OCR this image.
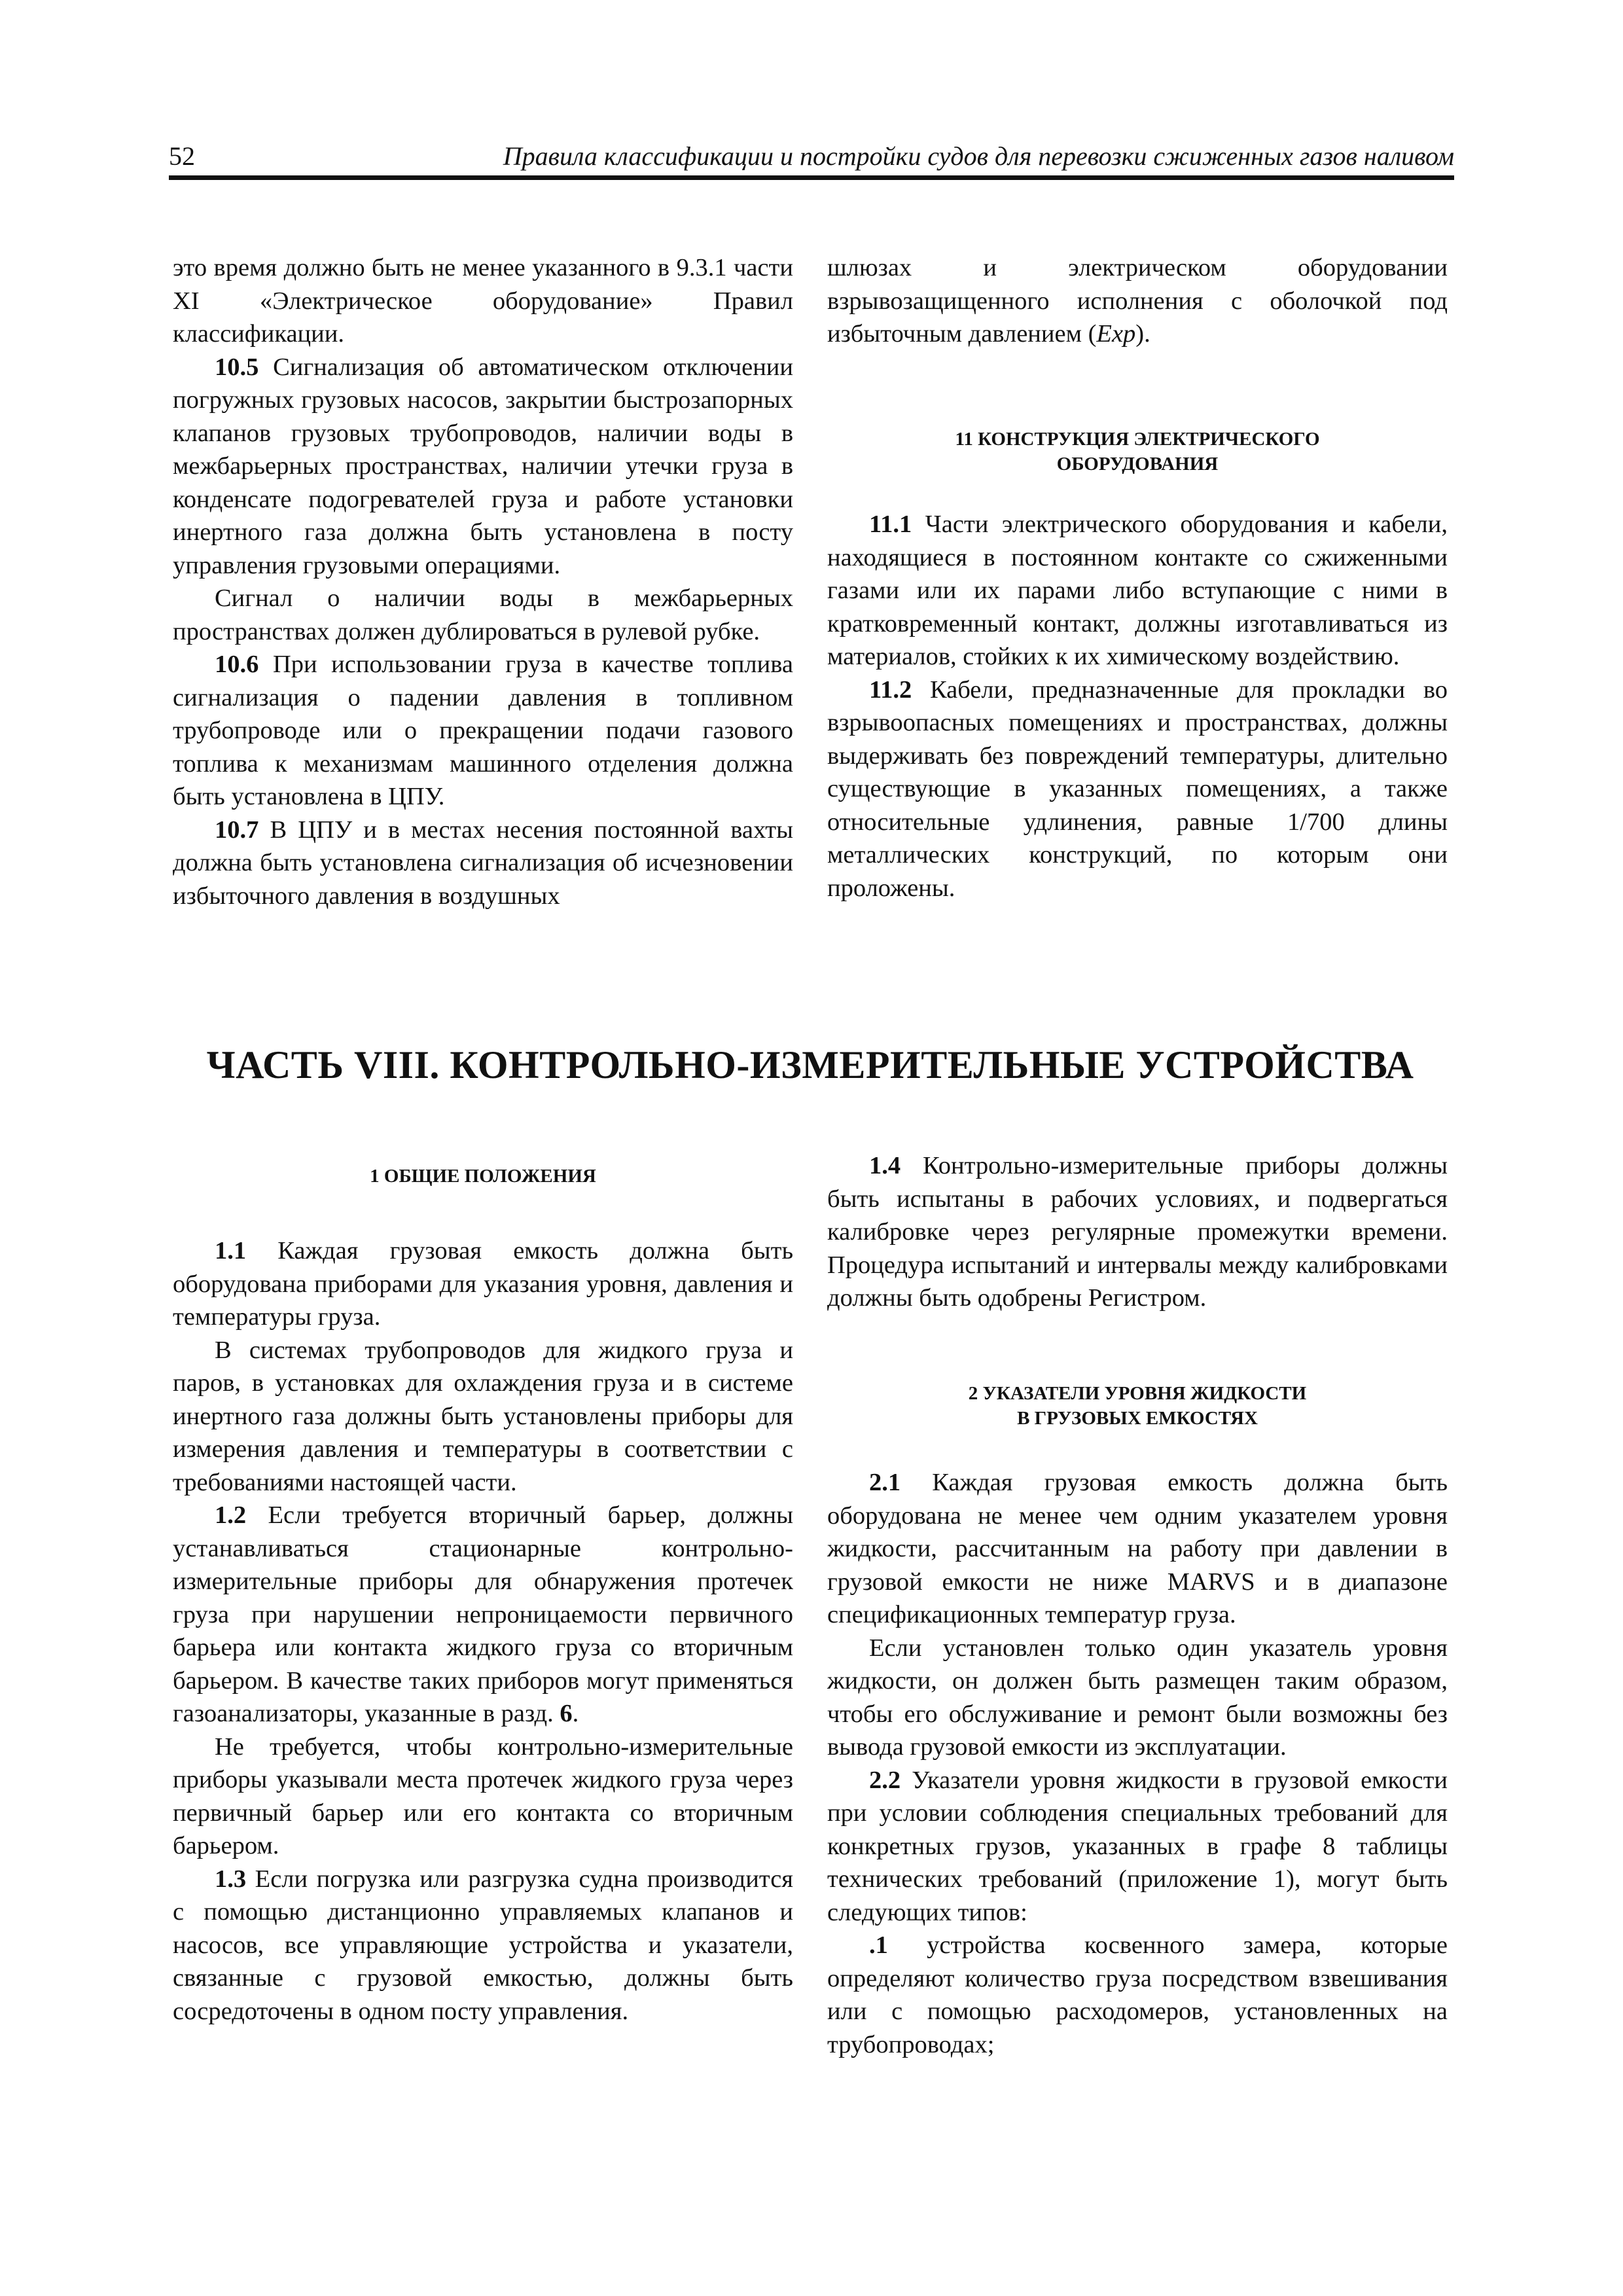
52	Правила классификации и постройки судов для перевозки сжиженных газов наливом

это время должно быть не менее указанного в 9.3.1 части XI «Электрическое оборудование» Правил классификации.

10.5 Сигнализация об автоматическом отключении погружных грузовых насосов, закрытии быстрозапорных клапанов грузовых трубопроводов, наличии воды в межбарьерных пространствах, наличии утечки груза в конденсате подогревателей груза и работе установки инертного газа должна быть установлена в посту управления грузовыми операциями.

Сигнал о наличии воды в межбарьерных пространствах должен дублироваться в рулевой рубке.

10.6 При использовании груза в качестве топлива сигнализация о падении давления в топливном трубопроводе или о прекращении подачи газового топлива к механизмам машинного отделения должна быть установлена в ЦПУ.

10.7 В ЦПУ и в местах несения постоянной вахты должна быть установлена сигнализация об исчезновении избыточного давления в воздушных

шлюзах и электрическом оборудовании взрывозащищенного исполнения с оболочкой под избыточным давлением (Exp).

11 КОНСТРУКЦИЯ ЭЛЕКТРИЧЕСКОГО
ОБОРУДОВАНИЯ

11.1 Части электрического оборудования и кабели, находящиеся в постоянном контакте со сжиженными газами или их парами либо вступающие с ними в кратковременный контакт, должны изготавливаться из материалов, стойких к их химическому воздействию.

11.2 Кабели, предназначенные для прокладки во взрывоопасных помещениях и пространствах, должны выдерживать без повреждений температуры, длительно существующие в указанных помещениях, а также относительные удлинения, равные 1/700 длины металлических конструкций, по которым они проложены.

ЧАСТЬ VIII. КОНТРОЛЬНО-ИЗМЕРИТЕЛЬНЫЕ УСТРОЙСТВА
1 ОБЩИЕ ПОЛОЖЕНИЯ

1.1 Каждая грузовая емкость должна быть оборудована приборами для указания уровня, давления и температуры груза.

В системах трубопроводов для жидкого груза и паров, в установках для охлаждения груза и в системе инертного газа должны быть установлены приборы для измерения давления и температуры в соответствии с требованиями настоящей части.

1.2 Если требуется вторичный барьер, должны устанавливаться стационарные контрольно-измерительные приборы для обнаружения протечек груза при нарушении непроницаемости первичного барьера или контакта жидкого груза со вторичным барьером. В качестве таких приборов могут применяться газоанализаторы, указанные в разд. 6.

Не требуется, чтобы контрольно-измерительные приборы указывали места протечек жидкого груза через первичный барьер или его контакта со вторичным барьером.

1.3 Если погрузка или разгрузка судна производится с помощью дистанционно управляемых клапанов и насосов, все управляющие устройства и указатели, связанные с грузовой емкостью, должны быть сосредоточены в одном посту управления.

1.4 Контрольно-измерительные приборы должны быть испытаны в рабочих условиях, и подвергаться калибровке через регулярные промежутки времени. Процедура испытаний и интервалы между калибровками должны быть одобрены Регистром.

2 УКАЗАТЕЛИ УРОВНЯ ЖИДКОСТИ
В ГРУЗОВЫХ ЕМКОСТЯХ

2.1 Каждая грузовая емкость должна быть оборудована не менее чем одним указателем уровня жидкости, рассчитанным на работу при давлении в грузовой емкости не ниже MARVS и в диапазоне спецификационных температур груза.

Если установлен только один указатель уровня жидкости, он должен быть размещен таким образом, чтобы его обслуживание и ремонт были возможны без вывода грузовой емкости из эксплуатации.

2.2 Указатели уровня жидкости в грузовой емкости при условии соблюдения специальных требований для конкретных грузов, указанных в графе 8 таблицы технических требований (приложение 1), могут быть следующих типов:

.1 устройства косвенного замера, которые определяют количество груза посредством взвешивания или с помощью расходомеров, установленных на трубопроводах;
